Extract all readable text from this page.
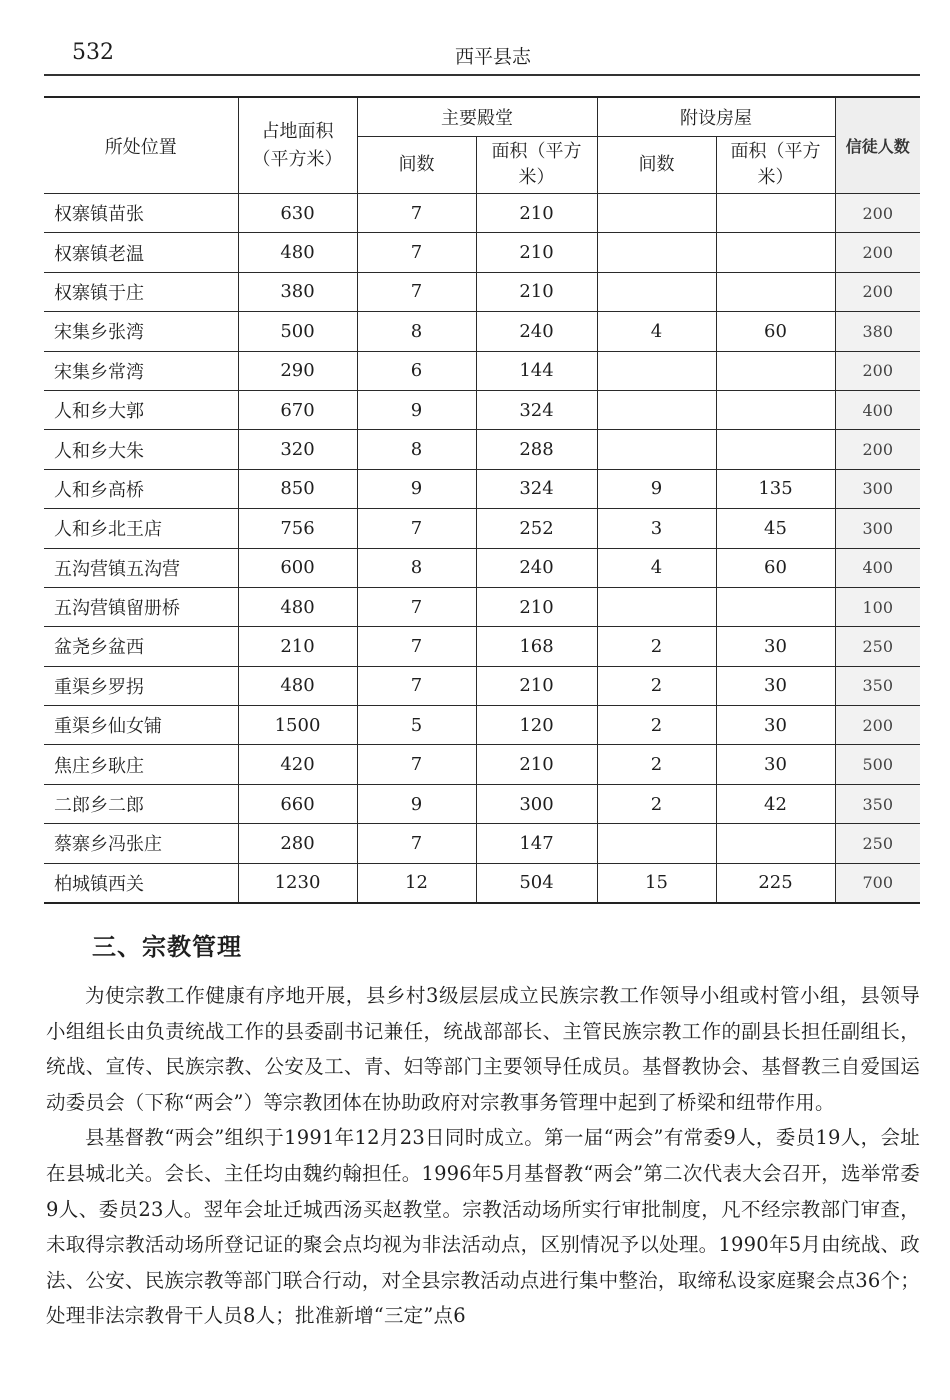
532	西平县志
所处位置	占地面积（平方米）	主要殿堂		附设房屋		信徒人数
		间数	面积（平方米）	间数	面积（平方米）	
权寨镇苗张	630	7	210			200
权寨镇老温	480	7	210			200
权寨镇于庄	380	7	210			200
宋集乡张湾	500	8	240	4	60	380
宋集乡常湾	290	6	144			200
人和乡大郭	670	9	324			400
人和乡大朱	320	8	288			200
人和乡高桥	850	9	324	9	135	300
人和乡北王店	756	7	252	3	45	300
五沟营镇五沟营	600	8	240	4	60	400
五沟营镇留册桥	480	7	210			100
盆尧乡盆西	210	7	168	2	30	250
重渠乡罗拐	480	7	210	2	30	350
重渠乡仙女铺	1500	5	120	2	30	200
焦庄乡耿庄	420	7	210	2	30	500
二郎乡二郎	660	9	300	2	42	350
蔡寨乡冯张庄	280	7	147			250
柏城镇西关	1230	12	504	15	225	700
三、宗教管理

为使宗教工作健康有序地开展，县乡村3级层层成立民族宗教工作领导小组或村管小组，县领导小组组长由负责统战工作的县委副书记兼任，统战部部长、主管民族宗教工作的副县长担任副组长，统战、宣传、民族宗教、公安及工、青、妇等部门主要领导任成员。基督教协会、基督教三自爱国运动委员会（下称“两会”）等宗教团体在协助政府对宗教事务管理中起到了桥梁和纽带作用。

县基督教“两会”组织于1991年12月23日同时成立。第一届“两会”有常委9人，委员19人，会址在县城北关。会长、主任均由魏约翰担任。1996年5月基督教“两会”第二次代表大会召开，选举常委9人、委员23人。翌年会址迁城西汤买赵教堂。宗教活动场所实行审批制度，凡不经宗教部门审查，未取得宗教活动场所登记证的聚会点均视为非法活动点，区别情况予以处理。1990年5月由统战、政法、公安、民族宗教等部门联合行动，对全县宗教活动点进行集中整治，取缔私设家庭聚会点36个；处理非法宗教骨干人员8人；批准新增“三定”点6
